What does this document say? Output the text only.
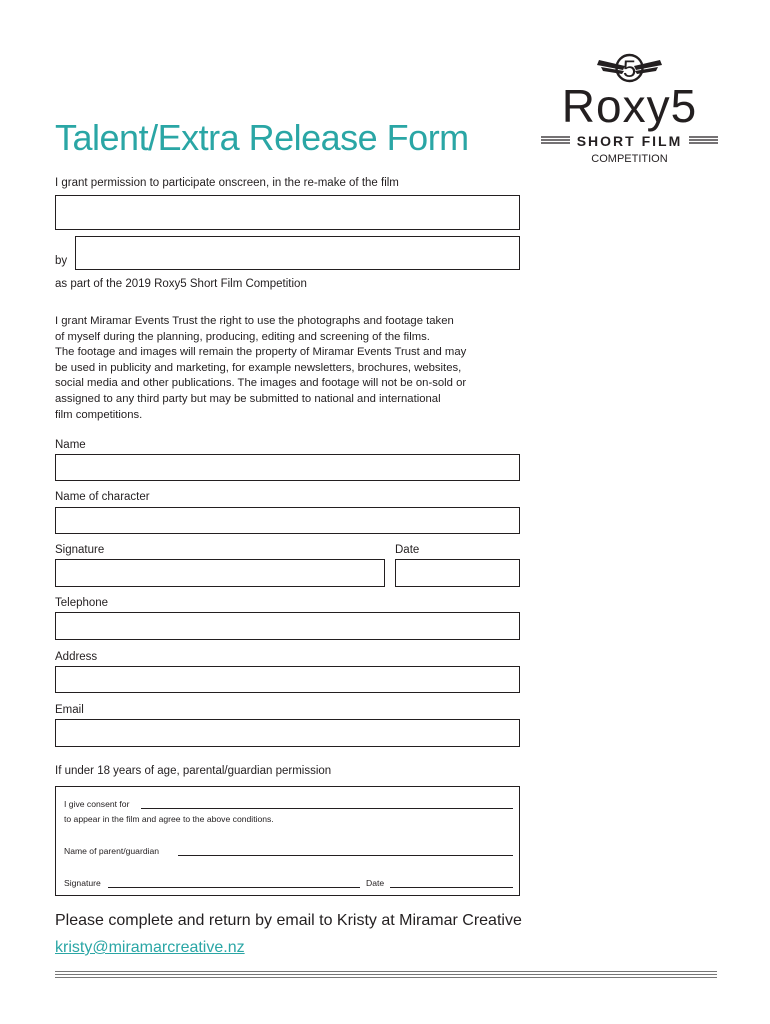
5
Roxy5
SHORT FILM
COMPETITION
Talent/Extra Release Form
I grant permission to participate onscreen, in the re-make of the film
by
as part of the 2019 Roxy5 Short Film Competition
I grant Miramar Events Trust the right to use the photographs and footage taken
of myself during the planning, producing, editing and screening of the films.
The footage and images will remain the property of Miramar Events Trust and may
be used in publicity and marketing, for example newsletters, brochures, websites,
social media and other publications. The images and footage will not be on-sold or
assigned to any third party but may be submitted to national and international
film competitions.
Name
Name of character
Signature	Date
Telephone
Address
Email
If under 18 years of age, parental/guardian permission
I give consent for
to appear in the film and agree to the above conditions.
Name of parent/guardian
Signature	Date
Please complete and return by email to Kristy at Miramar Creative
kristy@miramarcreative.nz
